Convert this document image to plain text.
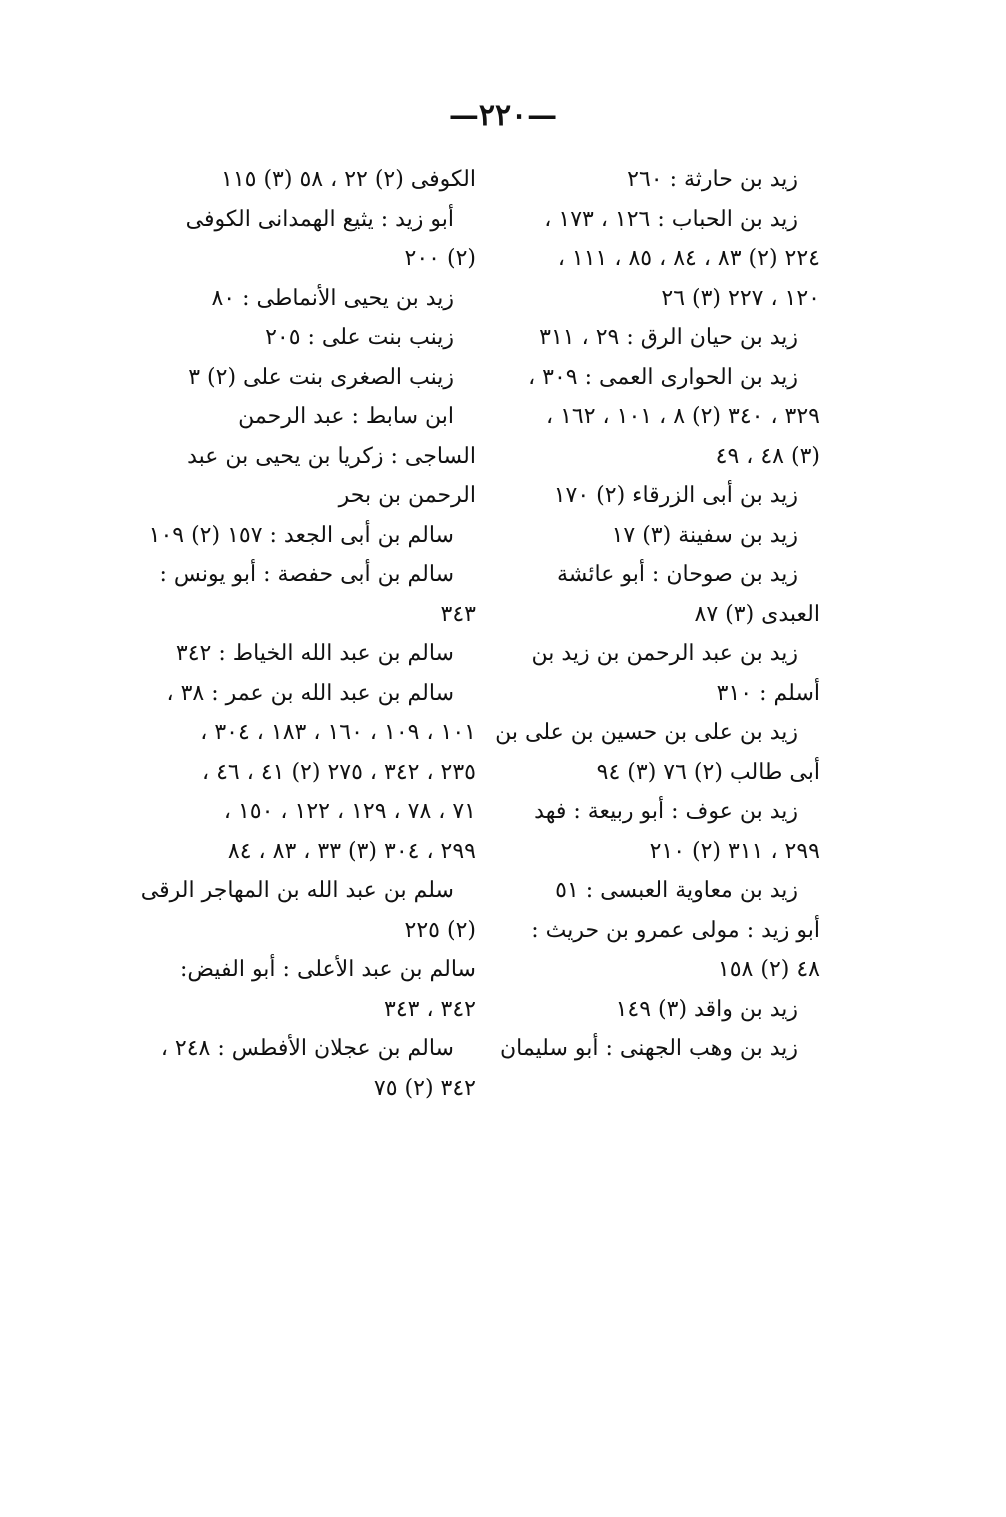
—٢٢٠—
زيد بن حارثة : ٢٦٠
زيد بن الحباب : ١٢٦ ، ١٧٣ ،
٢٢٤ (٢) ٨٣ ، ٨٤ ، ٨٥ ، ١١١ ،
١٢٠ ، ٢٢٧ (٣) ٢٦
زيد بن حيان الرق : ٢٩ ، ٣١١
زيد بن الحوارى العمى : ٣٠٩ ،
٣٢٩ ، ٣٤٠ (٢) ٨ ، ١٠١ ، ١٦٢ ،
(٣) ٤٨ ، ٤٩
زيد بن أبى الزرقاء (٢) ١٧٠
زيد بن سفينة (٣) ١٧
زيد بن صوحان : أبو عائشة
العبدى (٣) ٨٧
زيد بن عبد الرحمن بن زيد بن
أسلم : ٣١٠
زيد بن على بن حسين بن على بن
أبى طالب (٢) ٧٦ (٣) ٩٤
زيد بن عوف : أبو ربيعة : فهد
٢٩٩ ، ٣١١ (٢) ٢١٠
زيد بن معاوية العبسى : ٥١
أبو زيد : مولى عمرو بن حريث :
٤٨ (٢) ١٥٨
زيد بن واقد (٣) ١٤٩
زيد بن وهب الجهنى : أبو سليمان
الكوفى (٢) ٢٢ ، ٥٨ (٣) ١١٥
أبو زيد : يثيع الهمدانى الكوفى
(٢) ٢٠٠
زيد بن يحيى الأنماطى : ٨٠
زينب بنت على : ٢٠٥
زينب الصغرى بنت على (٢) ٣
ابن سابط : عبد الرحمن
الساجى : زكريا بن يحيى بن عبد
الرحمن بن بحر
سالم بن أبى الجعد : ١٥٧ (٢) ١٠٩
سالم بن أبى حفصة : أبو يونس :
٣٤٣
سالم بن عبد الله الخياط : ٣٤٢
سالم بن عبد الله بن عمر : ٣٨ ،
١٠١ ، ١٠٩ ، ١٦٠ ، ١٨٣ ، ٣٠٤ ،
٢٣٥ ، ٣٤٢ ، ٢٧٥ (٢) ٤١ ، ٤٦ ،
٧١ ، ٧٨ ، ١٢٩ ، ١٢٢ ، ١٥٠ ،
٢٩٩ ، ٣٠٤ (٣) ٣٣ ، ٨٣ ، ٨٤
سلم بن عبد الله بن المهاجر الرقى
(٢) ٢٢٥
سالم بن عبد الأعلى : أبو الفيض:
٣٤٢ ، ٣٤٣
سالم بن عجلان الأفطس : ٢٤٨ ،
٣٤٢ (٢) ٧٥
